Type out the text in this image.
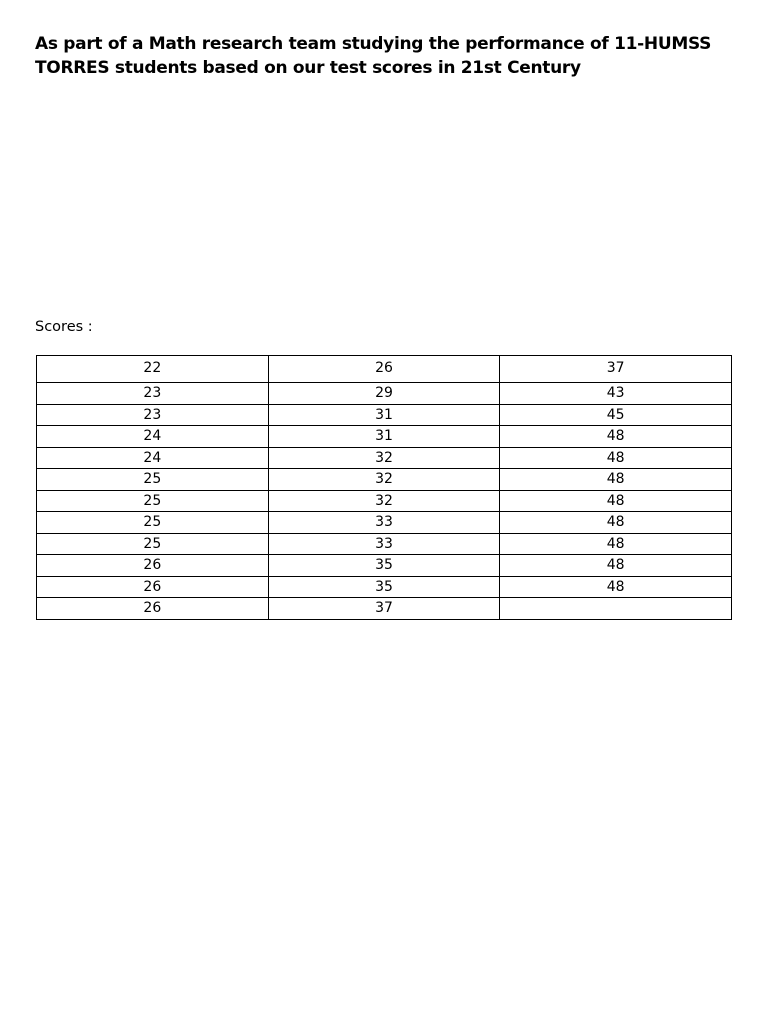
As part of a Math research team studying the performance of 11-HUMSS TORRES students based on our test scores in 21st Century

Scores :

22	26	37
23	29	43
23	31	45
24	31	48
24	32	48
25	32	48
25	32	48
25	33	48
25	33	48
26	35	48
26	35	48
26	37	
